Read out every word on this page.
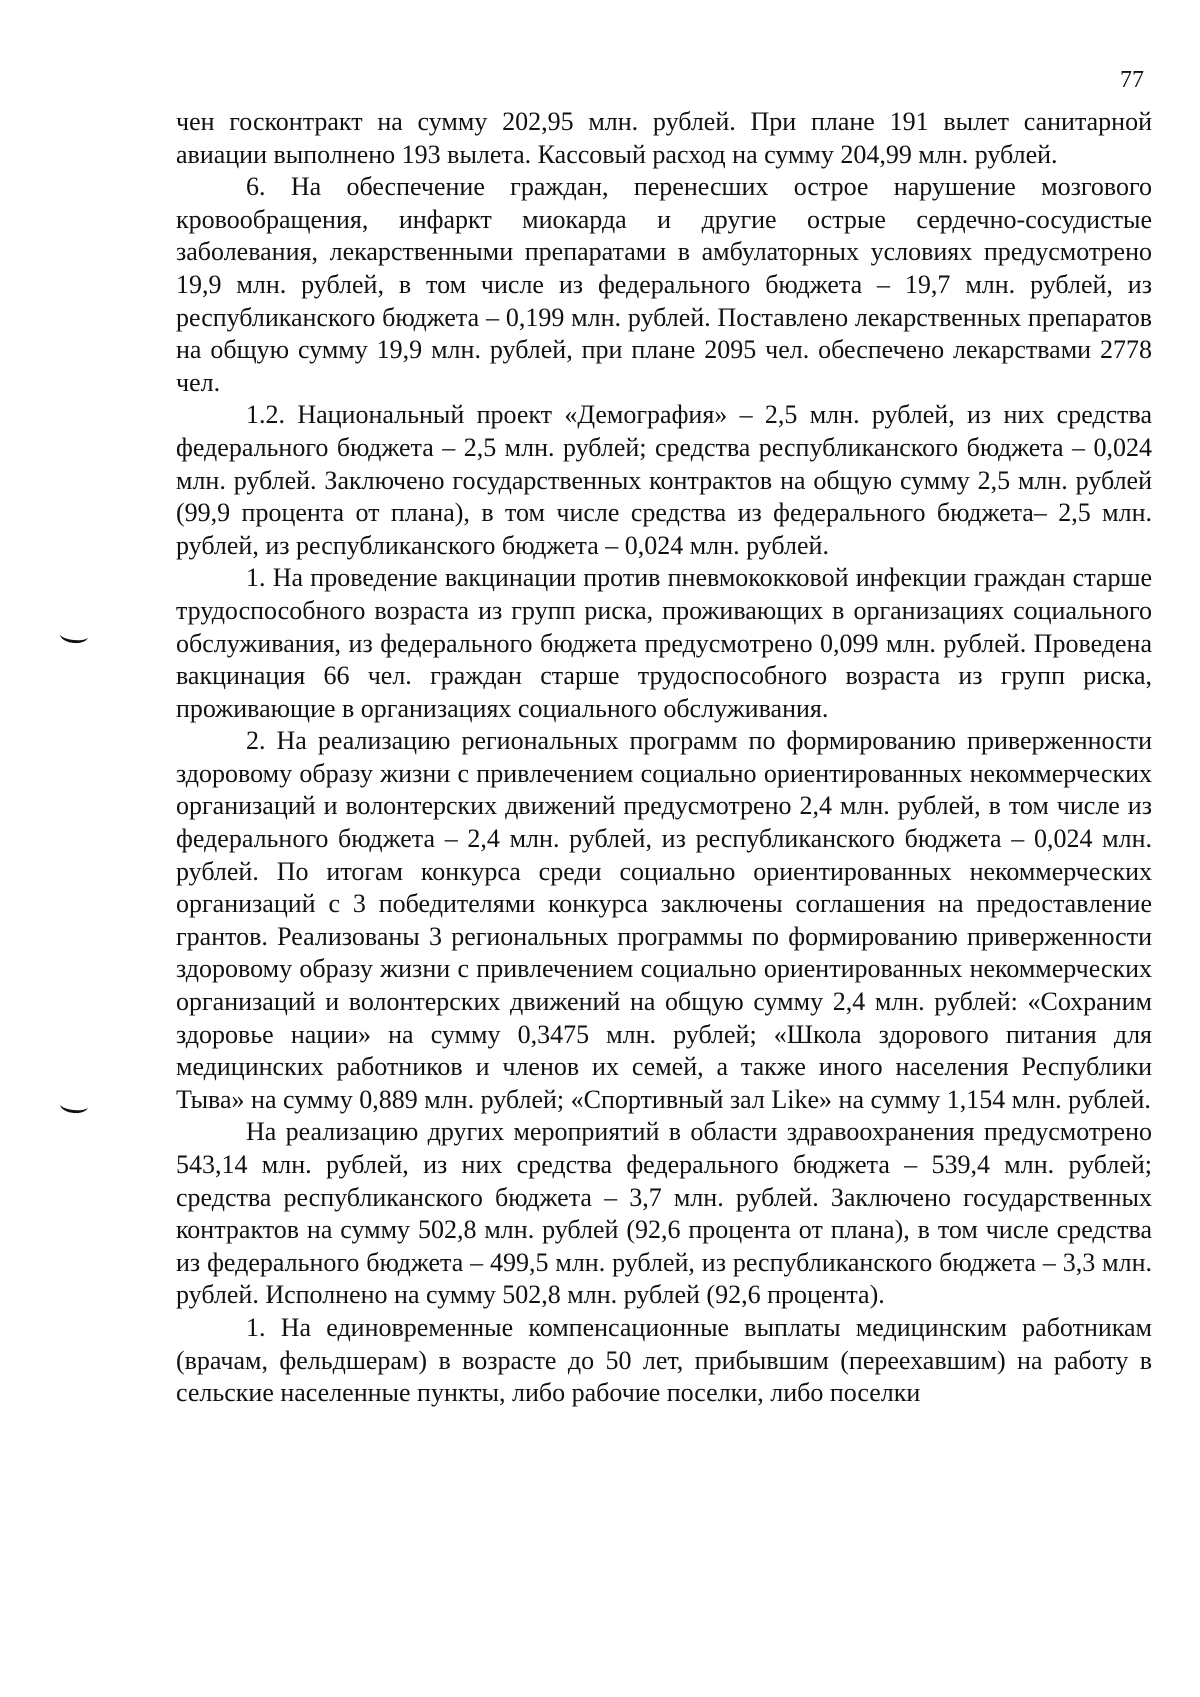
77

чен госконтракт на сумму 202,95 млн. рублей. При плане 191 вылет санитарной авиации выполнено 193 вылета. Кассовый расход на сумму 204,99 млн. рублей.

6. На обеспечение граждан, перенесших острое нарушение мозгового кровообращения, инфаркт миокарда и другие острые сердечно-сосудистые заболевания, лекарственными препаратами в амбулаторных условиях предусмотрено 19,9 млн. рублей, в том числе из федерального бюджета – 19,7 млн. рублей, из республиканского бюджета – 0,199 млн. рублей. Поставлено лекарственных препаратов на общую сумму 19,9 млн. рублей, при плане 2095 чел. обеспечено лекарствами 2778 чел.

1.2. Национальный проект «Демография» – 2,5 млн. рублей, из них средства федерального бюджета – 2,5 млн. рублей; средства республиканского бюджета – 0,024 млн. рублей. Заключено государственных контрактов на общую сумму 2,5 млн. рублей (99,9 процента от плана), в том числе средства из федерального бюджета– 2,5 млн. рублей, из республиканского бюджета – 0,024 млн. рублей.

1. На проведение вакцинации против пневмококковой инфекции граждан старше трудоспособного возраста из групп риска, проживающих в организациях социального обслуживания, из федерального бюджета предусмотрено 0,099 млн. рублей. Проведена вакцинация 66 чел. граждан старше трудоспособного возраста из групп риска, проживающие в организациях социального обслуживания.

2. На реализацию региональных программ по формированию приверженности здоровому образу жизни с привлечением социально ориентированных некоммерческих организаций и волонтерских движений предусмотрено 2,4 млн. рублей, в том числе из федерального бюджета – 2,4 млн. рублей, из республиканского бюджета – 0,024 млн. рублей. По итогам конкурса среди социально ориентированных некоммерческих организаций с 3 победителями конкурса заключены соглашения на предоставление грантов. Реализованы 3 региональных программы по формированию приверженности здоровому образу жизни с привлечением социально ориентированных некоммерческих организаций и волонтерских движений на общую сумму 2,4 млн. рублей: «Сохраним здоровье нации» на сумму 0,3475 млн. рублей; «Школа здорового питания для медицинских работников и членов их семей, а также иного населения Республики Тыва» на сумму 0,889 млн. рублей; «Спортивный зал Like» на сумму 1,154 млн. рублей.

На реализацию других мероприятий в области здравоохранения предусмотрено 543,14 млн. рублей, из них средства федерального бюджета – 539,4 млн. рублей; средства республиканского бюджета – 3,7 млн. рублей. Заключено государственных контрактов на сумму 502,8 млн. рублей (92,6 процента от плана), в том числе средства из федерального бюджета – 499,5 млн. рублей, из республиканского бюджета – 3,3 млн. рублей. Исполнено на сумму 502,8 млн. рублей (92,6 процента).

1. На единовременные компенсационные выплаты медицинским работникам (врачам, фельдшерам) в возрасте до 50 лет, прибывшим (переехавшим) на работу в сельские населенные пункты, либо рабочие поселки, либо поселки
